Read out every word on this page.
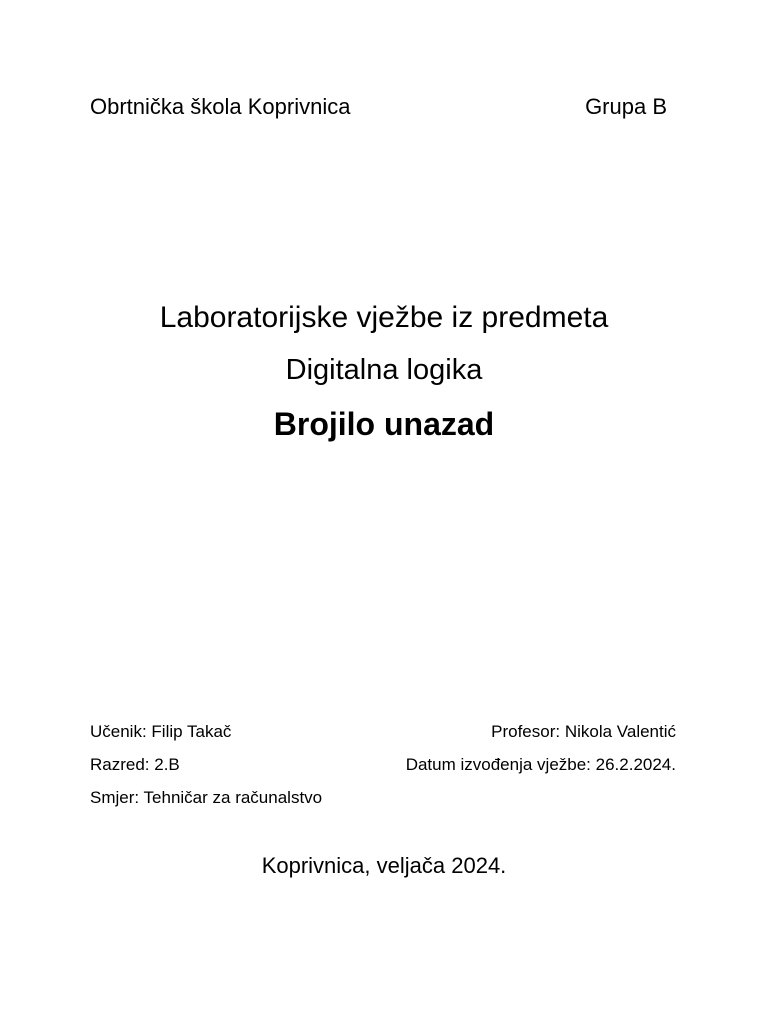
Obrtnička škola Koprivnica	Grupa B
Laboratorijske vježbe iz predmeta
Digitalna logika
Brojilo unazad
Učenik: Filip Takač	Profesor: Nikola Valentić
Razred: 2.B	Datum izvođenja vježbe: 26.2.2024.
Smjer: Tehničar za računalstvo
Koprivnica, veljača 2024.
